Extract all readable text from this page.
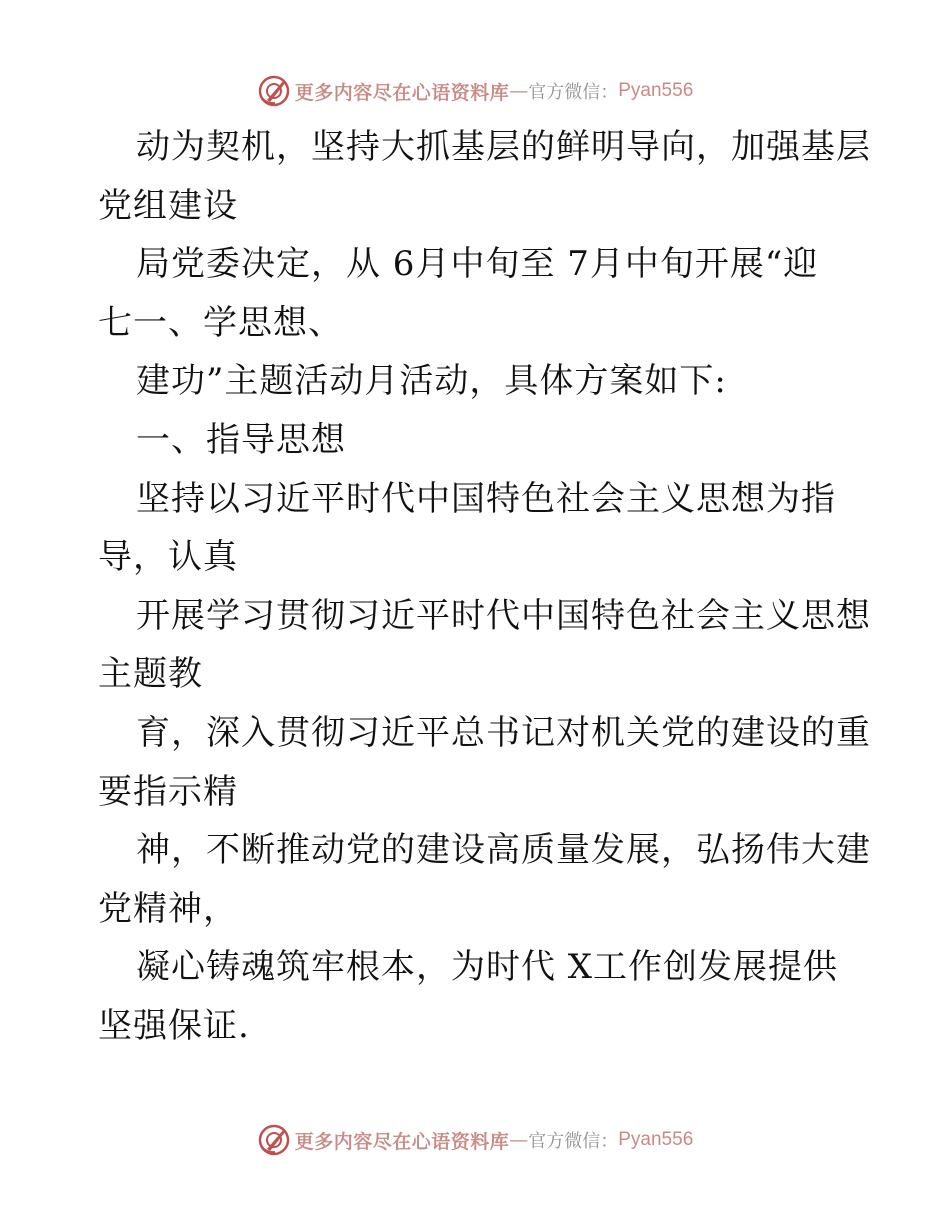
更多内容尽在心语资料库 — 官方微信： Pyan556
动为契机，坚持大抓基层的鲜明导向，加强基层
党组建设
局党委决定，从 6月中旬至 7月中旬开展“迎
七一、学思想、
建功”主题活动月活动，具体方案如下:
一、指导思想
坚持以习近平时代中国特色社会主义思想为指
导，认真
开展学习贯彻习近平时代中国特色社会主义思想
主题教
育，深入贯彻习近平总书记对机关党的建设的重
要指示精
神，不断推动党的建设高质量发展，弘扬伟大建
党精神，
凝心铸魂筑牢根本，为时代 X工作创发展提供
坚强保证.
更多内容尽在心语资料库 — 官方微信： Pyan556
